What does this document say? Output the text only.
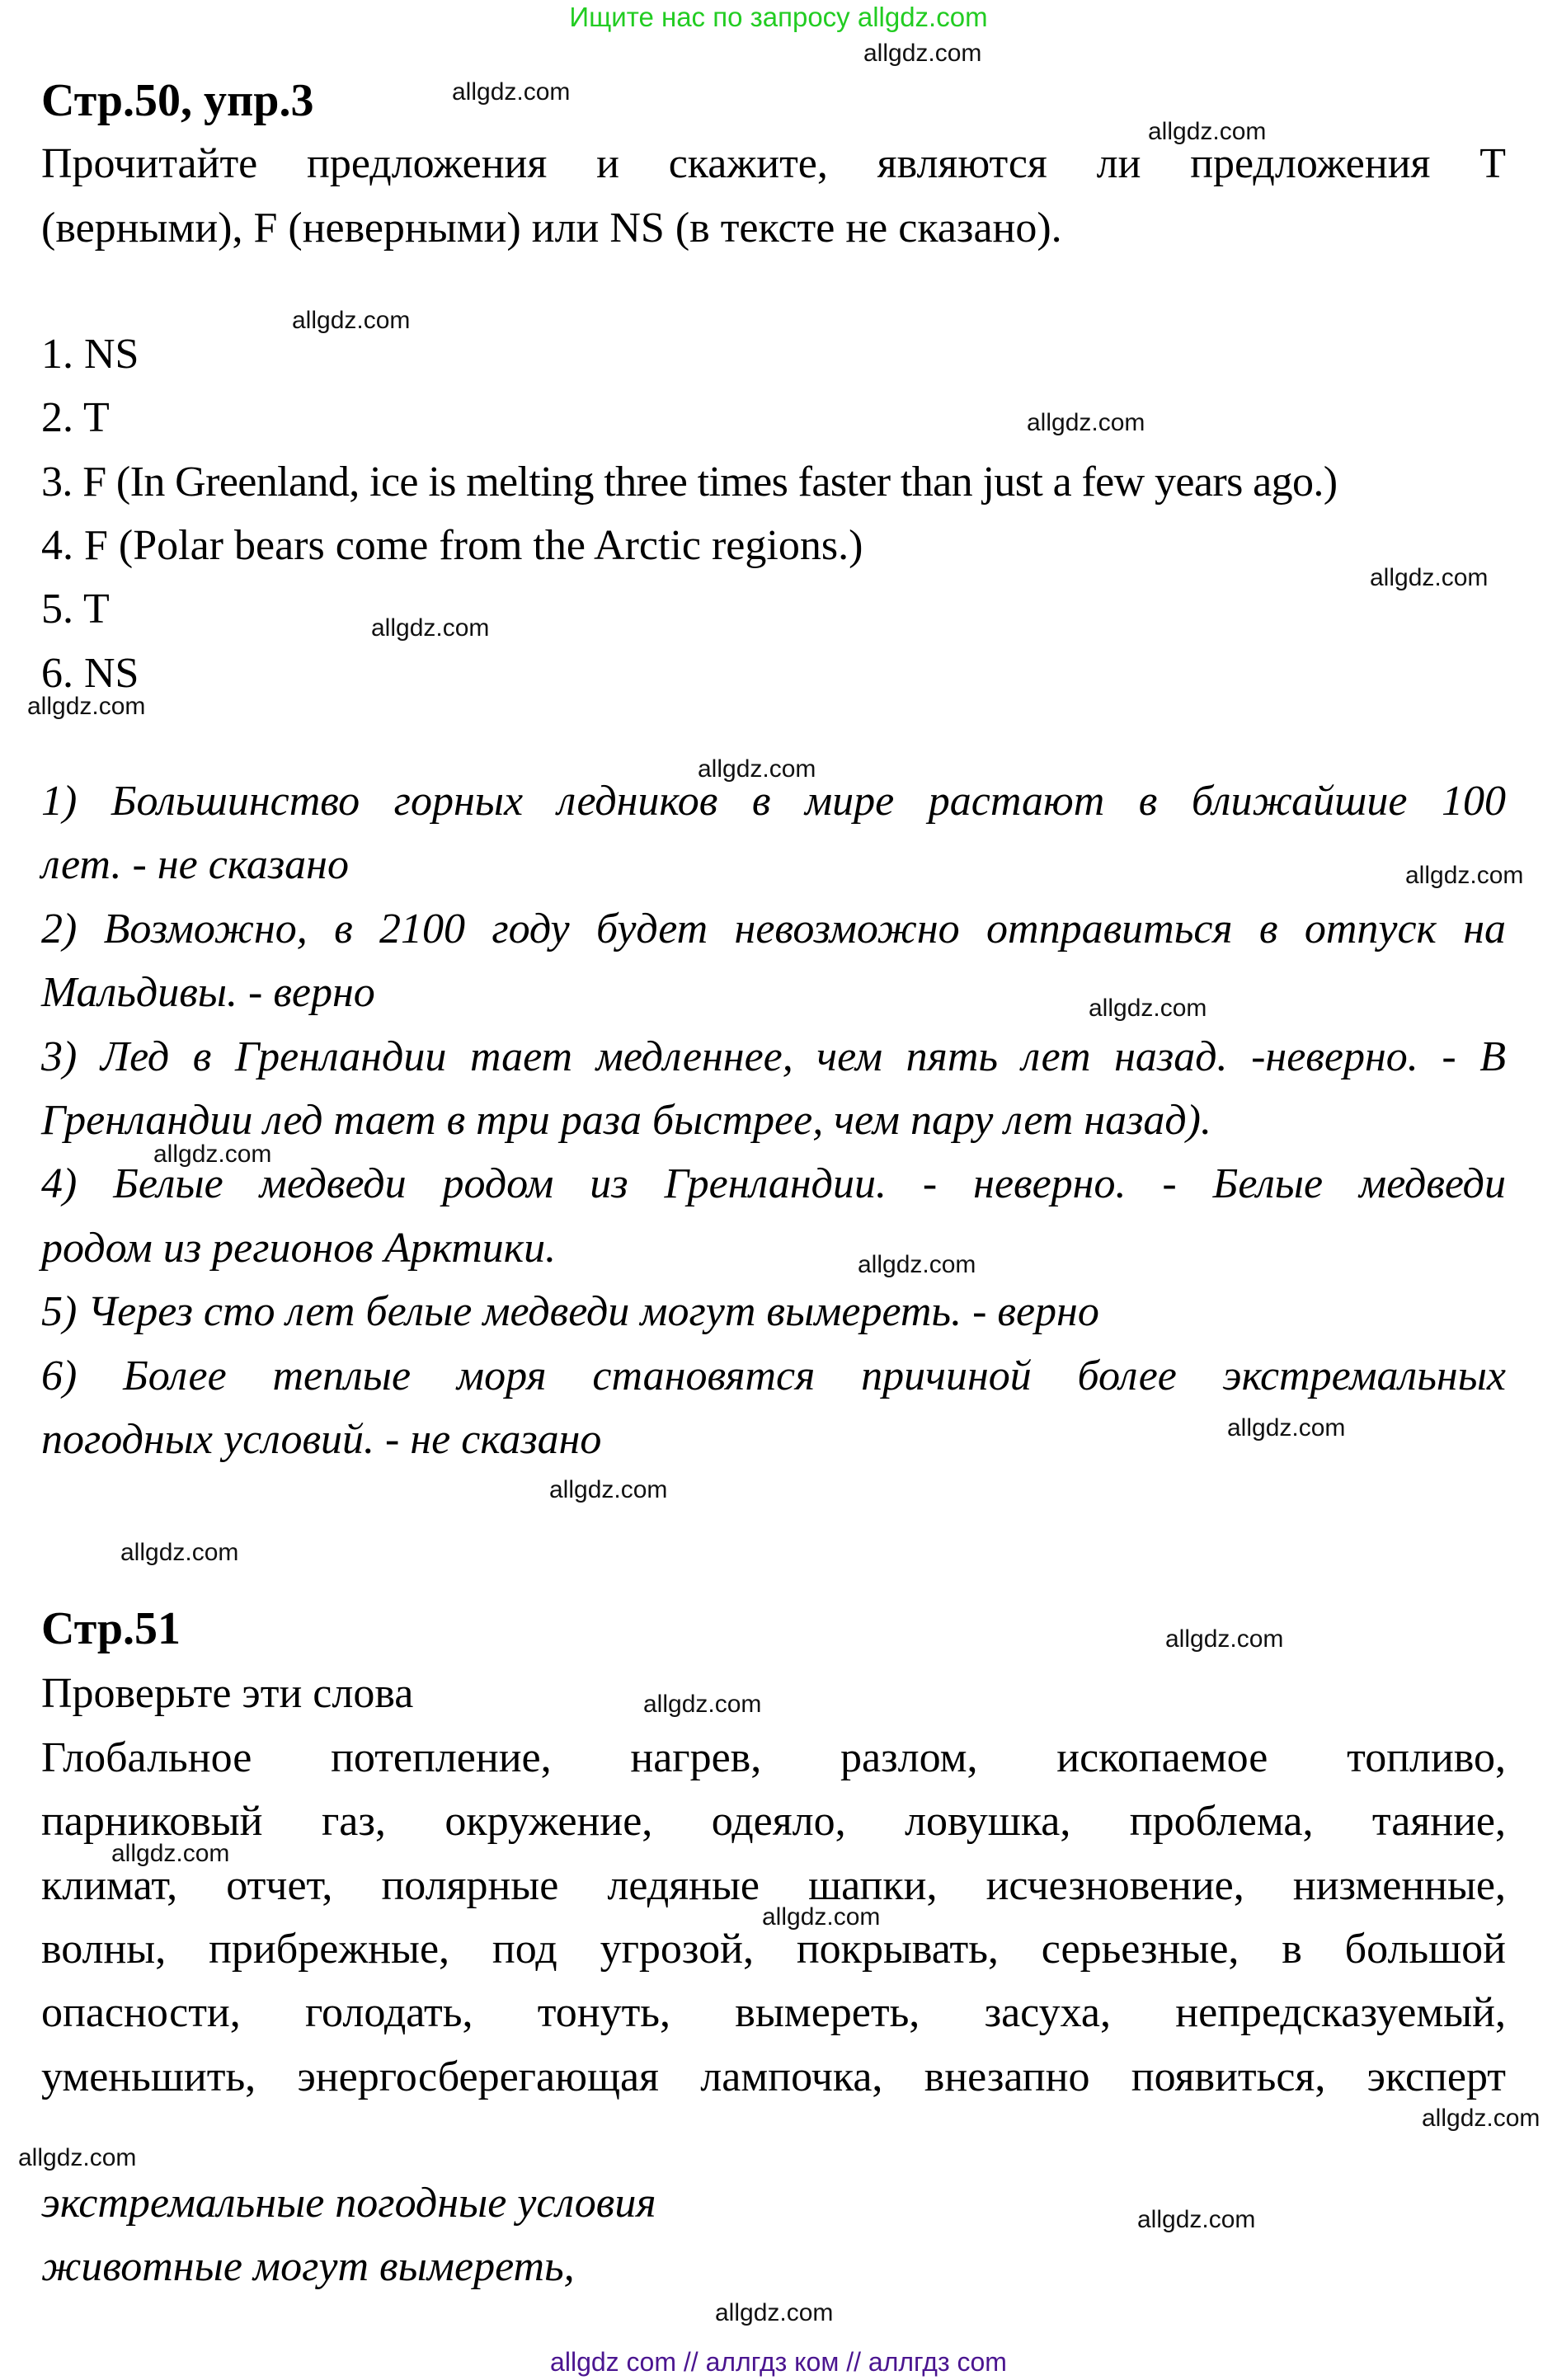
Ищите нас по запросу allgdz.com
Стр.50, упр.3
Прочитайте предложения и скажите, являются ли предложения T
(верными), F (неверными) или NS (в тексте не сказано).
1. NS
2. T
3. F (In Greenland, ice is melting three times faster than just a few years ago.)
4. F (Polar bears come from the Arctic regions.)
5. T
6. NS
1) Большинство горных ледников в мире растают в ближайшие 100
лет. - не сказано
2) Возможно, в 2100 году будет невозможно отправиться в отпуск на
Мальдивы. - верно
3) Лед в Гренландии тает медленнее, чем пять лет назад. -неверно. - В
Гренландии лед тает в три раза быстрее, чем пару лет назад).
4) Белые медведи родом из Гренландии. - неверно. - Белые медведи
родом из регионов Арктики.
5) Через сто лет белые медведи могут вымереть. - верно
6) Более теплые моря становятся причиной более экстремальных
погодных условий. - не сказано
Стр.51
Проверьте эти слова
Глобальное потепление, нагрев, разлом, ископаемое топливо,
парниковый газ, окружение, одеяло, ловушка, проблема, таяние,
климат, отчет, полярные ледяные шапки, исчезновение, низменные,
волны, прибрежные, под угрозой, покрывать, серьезные, в большой
опасности, голодать, тонуть, вымереть, засуха, непредсказуемый,
уменьшить, энергосберегающая лампочка, внезапно появиться, эксперт
экстремальные погодные условия
животные могут вымереть,
allgdz.com
allgdz.com
allgdz.com
allgdz.com
allgdz.com
allgdz.com
allgdz.com
allgdz.com
allgdz.com
allgdz.com
allgdz.com
allgdz.com
allgdz.com
allgdz.com
allgdz.com
allgdz.com
allgdz.com
allgdz.com
allgdz.com
allgdz.com
allgdz.com
allgdz.com
allgdz.com
allgdz.com
allgdz com // аллгдз ком // аллгдз com
